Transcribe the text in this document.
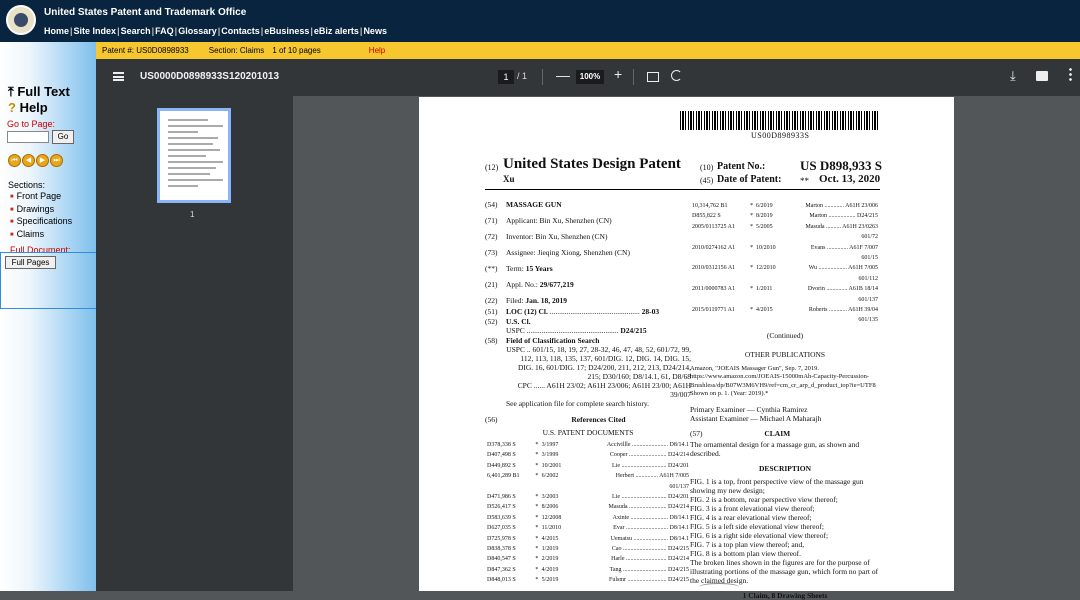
United States Patent and Trademark Office
Home | Site Index | Search | FAQ | Glossary | Contacts | eBusiness | eBiz alerts | News
Patent #: US0D0898933	Section: Claims 1 of 10 pages	Help
⤒ Full Text
? Help
Go to Page:
Go
⏮	◀	▶	⏭
Sections:
■ Front Page
■ Drawings
■ Specifications
■ Claims
Full Document:
Full Pages
US0000D0898933S120201013	1 / 1 —	100% +	⤓
1
US00D898933S
(12) United States Design Patent
Xu
(10) Patent No.:	US D898,933 S
(45) Date of Patent: ** Oct. 13, 2020
(54) MASSAGE GUN
(71) Applicant: Bin Xu, Shenzhen (CN)
(72) Inventor: Bin Xu, Shenzhen (CN)
(73) Assignee: Jieqing Xiong, Shenzhen (CN)
(**) Term: 15 Years
(21) Appl. No.: 29/677,219
(22) Filed: Jan. 18, 2019
(51) LOC (12) Cl. ................................................ 28-03
(52) U.S. Cl.
USPC ................................................. D24/215
(58) Field of Classification Search
USPC .. 601/15, 18, 19, 27, 28-32, 46, 47, 48, 52, 601/72, 99, 112, 113, 118, 135, 137, 601/DIG. 12, DIG. 14, DIG. 15, DIG. 16, 601/DIG. 17; D24/200, 211, 212, 213, D24/214, 215; D30/160; D8/14.1, 61, D8/68
CPC ...... A61H 23/02; A61H 23/006; A61H 23/00; A61H 39/007
See application file for complete search history.
(56)	References Cited
U.S. PATENT DOCUMENTS
D378,338 S	*	3/1997	Accivillle ........................ D8/14.1
D407,498 S	*	3/1999	Cooper ......................... D24/214
D449,892 S	*	10/2001	Lie .............................. D24/201
6,401,289 B1	*	6/2002	Herbert ............... A61H 7/005
			601/137
D471,986 S	*	3/2003	Lie .............................. D24/201
D526,417 S	*	8/2006	Masuda ......................... D24/214
D583,639 S	*	12/2008	Axinte ......................... D8/14.1
D627,035 S	*	11/2010	Evar ............................ D8/14.1
D725,978 S	*	4/2015	Uematsu ....................... D8/14.1
D838,378 S	*	1/2019	Cao ............................. D24/215
D840,547 S	*	2/2019	Harle ........................... D24/214
D847,362 S	*	4/2019	Tang ............................. D24/215
D848,013 S	*	5/2019	Fulsmr .......................... D24/215
10,314,762 B1	*	6/2019	Marton ............. A61H 23/006
D855,822 S	*	8/2019	Marton .................. D24/215
2005/0113725 A1	*	5/2005	Masuda .......... A61H 23/0263
			601/72
2010/0274162 A1	*	10/2010	Evans .............. A61F 7/007
			601/15
2010/0312156 A1	*	12/2010	Wu ................... A61H 7/005
			601/112
2011/0000783 A1	*	1/2011	Dvorin .............. A61B 18/14
			601/137
2015/0119771 A1	*	4/2015	Roberts ............ A61H 39/04
			601/135
(Continued)
OTHER PUBLICATIONS

Amazon, "JOEAIS Massager Gun", Sep. 7, 2019. https://www.amazon.com/JOEAIS-15000mAh-Capacity-Percussion-Brushless/dp/B07W3M6VH9/ref=cm_cr_arp_d_product_top?ie=UTF8 Shown on p. 1. (Year: 2019).*

Primary Examiner — Cynthia Ramirez

Assistant Examiner — Michael A Maharajh

(57)	CLAIM

The ornamental design for a massage gun, as shown and described.

DESCRIPTION

FIG. 1 is a top, front perspective view of the massage gun showing my new design;

FIG. 2 is a bottom, rear perspective view thereof;

FIG. 3 is a front elevational view thereof;

FIG. 4 is a rear elevational view thereof;

FIG. 5 is a left side elevational view thereof;

FIG. 6 is a right side elevational view thereof;

FIG. 7 is a top plan view thereof; and,

FIG. 8 is a bottom plan view thereof.

The broken lines shown in the figures are for the purpose of illustrating portions of the massage gun, which form no part of the claimed design.

1 Claim, 8 Drawing Sheets
